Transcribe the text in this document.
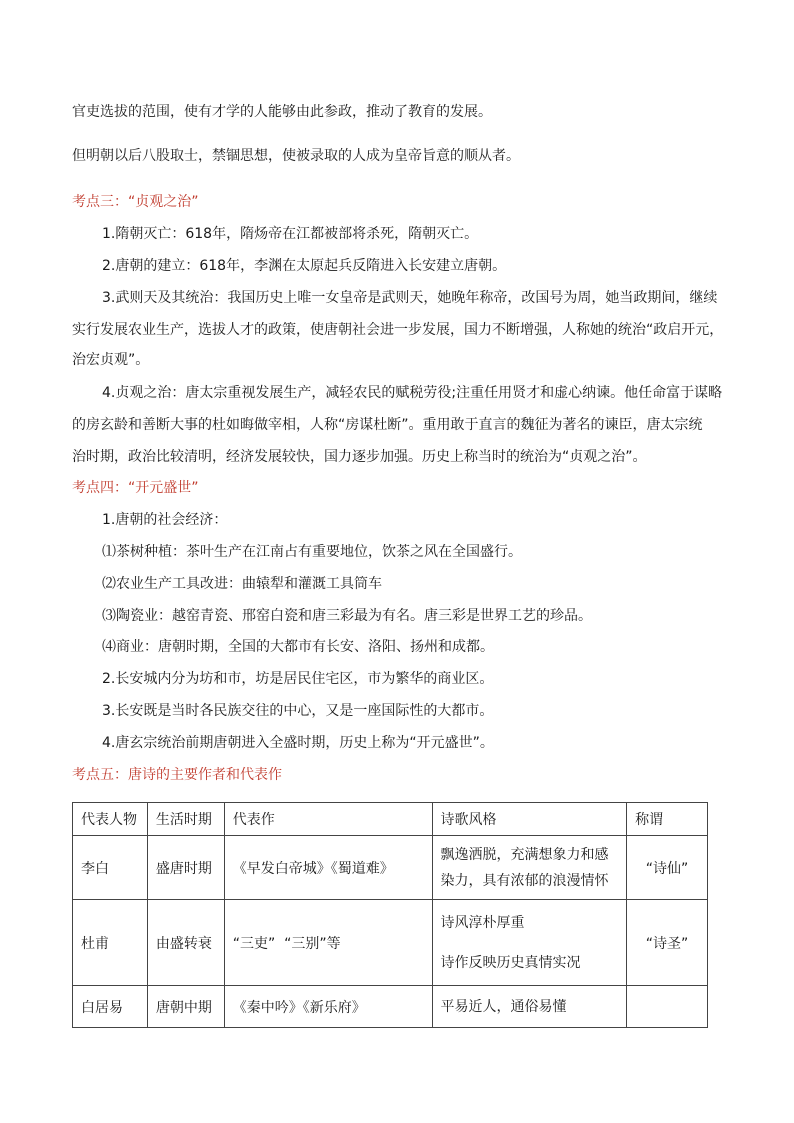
官吏选拔的范围，使有才学的人能够由此参政，推动了教育的发展。
但明朝以后八股取士，禁锢思想，使被录取的人成为皇帝旨意的顺从者。
考点三：“贞观之治”
1.隋朝灭亡：618年，隋炀帝在江都被部将杀死，隋朝灭亡。
2.唐朝的建立：618年，李渊在太原起兵反隋进入长安建立唐朝。
3.武则天及其统治：我国历史上唯一女皇帝是武则天，她晚年称帝，改国号为周，她当政期间，继续
实行发展农业生产，选拔人才的政策，使唐朝社会进一步发展，国力不断增强，人称她的统治“政启开元，
治宏贞观”。
4.贞观之治：唐太宗重视发展生产，减轻农民的赋税劳役;注重任用贤才和虚心纳谏。他任命富于谋略
的房玄龄和善断大事的杜如晦做宰相，人称“房谋杜断”。重用敢于直言的魏征为著名的谏臣，唐太宗统
治时期，政治比较清明，经济发展较快，国力逐步加强。历史上称当时的统治为“贞观之治”。
考点四：“开元盛世”
1.唐朝的社会经济：
⑴茶树种植：茶叶生产在江南占有重要地位，饮茶之风在全国盛行。
⑵农业生产工具改进：曲辕犁和灌溉工具筒车
⑶陶瓷业：越窑青瓷、邢窑白瓷和唐三彩最为有名。唐三彩是世界工艺的珍品。
⑷商业：唐朝时期，全国的大都市有长安、洛阳、扬州和成都。
2.长安城内分为坊和市，坊是居民住宅区，市为繁华的商业区。
3.长安既是当时各民族交往的中心，又是一座国际性的大都市。
4.唐玄宗统治前期唐朝进入全盛时期，历史上称为“开元盛世”。
考点五：唐诗的主要作者和代表作
代表人物	生活时期	代表作	诗歌风格	称谓
李白	盛唐时期	《早发白帝城》《蜀道难》	飘逸洒脱，充满想象力和感
染力，具有浓郁的浪漫情怀	“诗仙”
杜甫	由盛转衰	“三吏”  “三别”等	诗风淳朴厚重
诗作反映历史真情实况	“诗圣”
白居易	唐朝中期	《秦中吟》《新乐府》	平易近人，通俗易懂	
